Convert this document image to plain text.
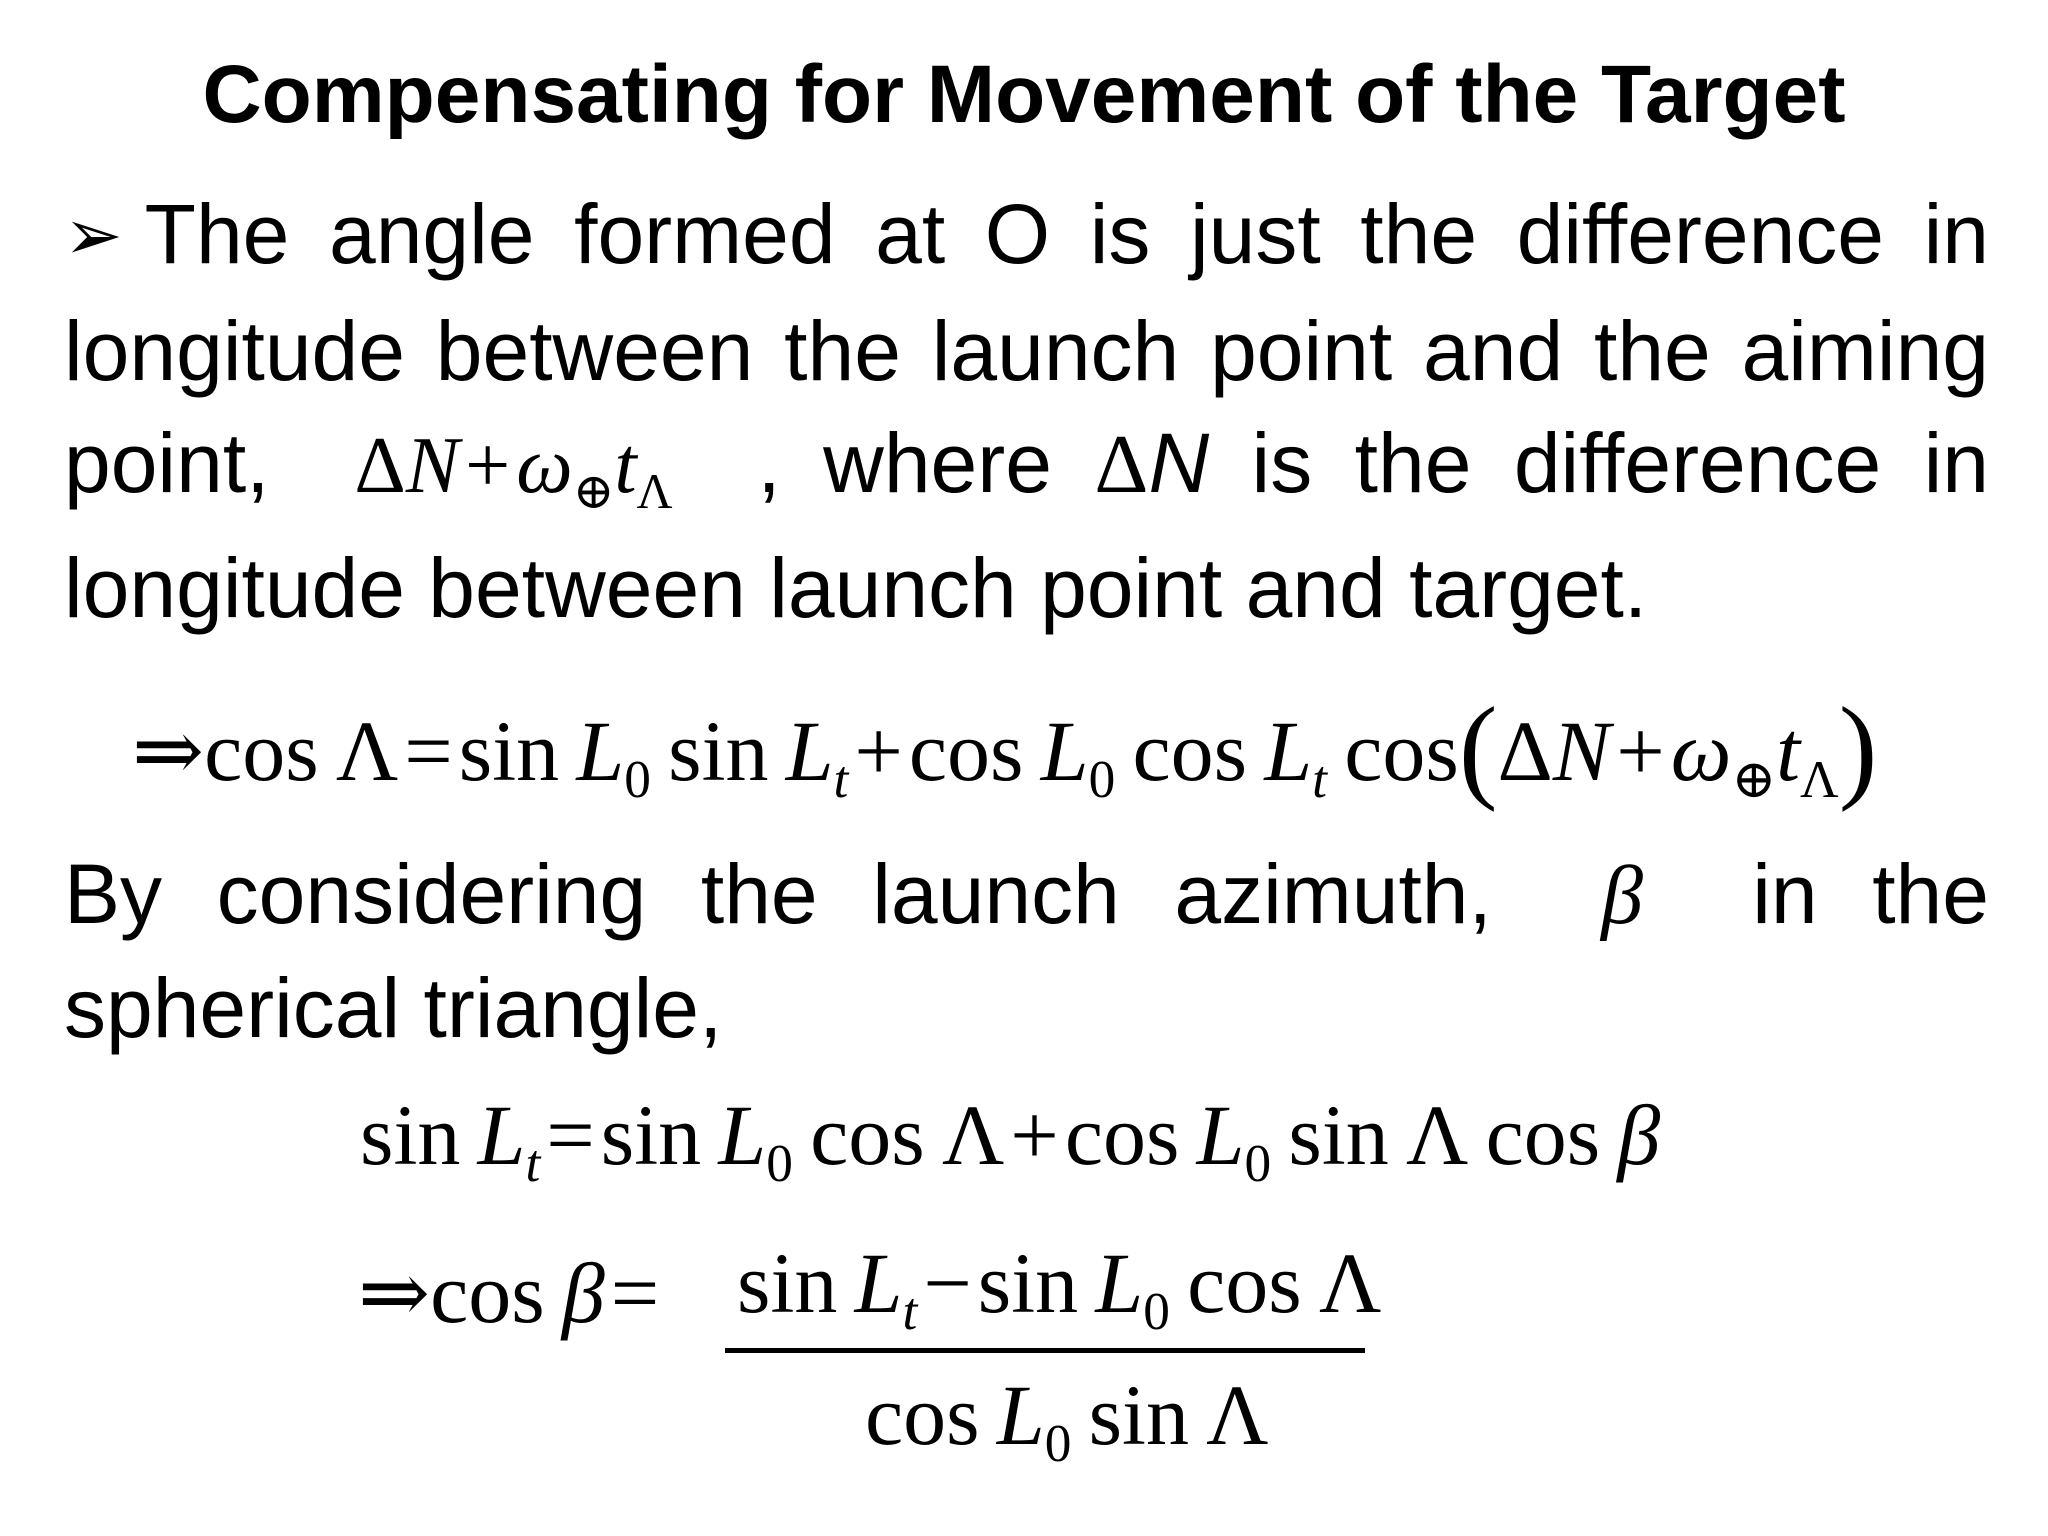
Compensating for Movement of the Target
➢ The angle formed at O is just the difference in longitude between the launch point and the aiming point, ΔN+ω⊕tΛ , where ΔN is the difference in longitude between launch point and target.
⇒cos  Λ=sin  L0  sin  Lt+cos  L0  cos  Lt  cos(ΔN+ω⊕tΛ)
By considering the launch azimuth, β in the spherical triangle,
sin  Lt=sin  L0  cos  Λ+cos  L0  sin  Λ  cos  β
⇒cos  β= sin  Lt−sin  L0  cos  Λ
cos  L0  sin  Λ
